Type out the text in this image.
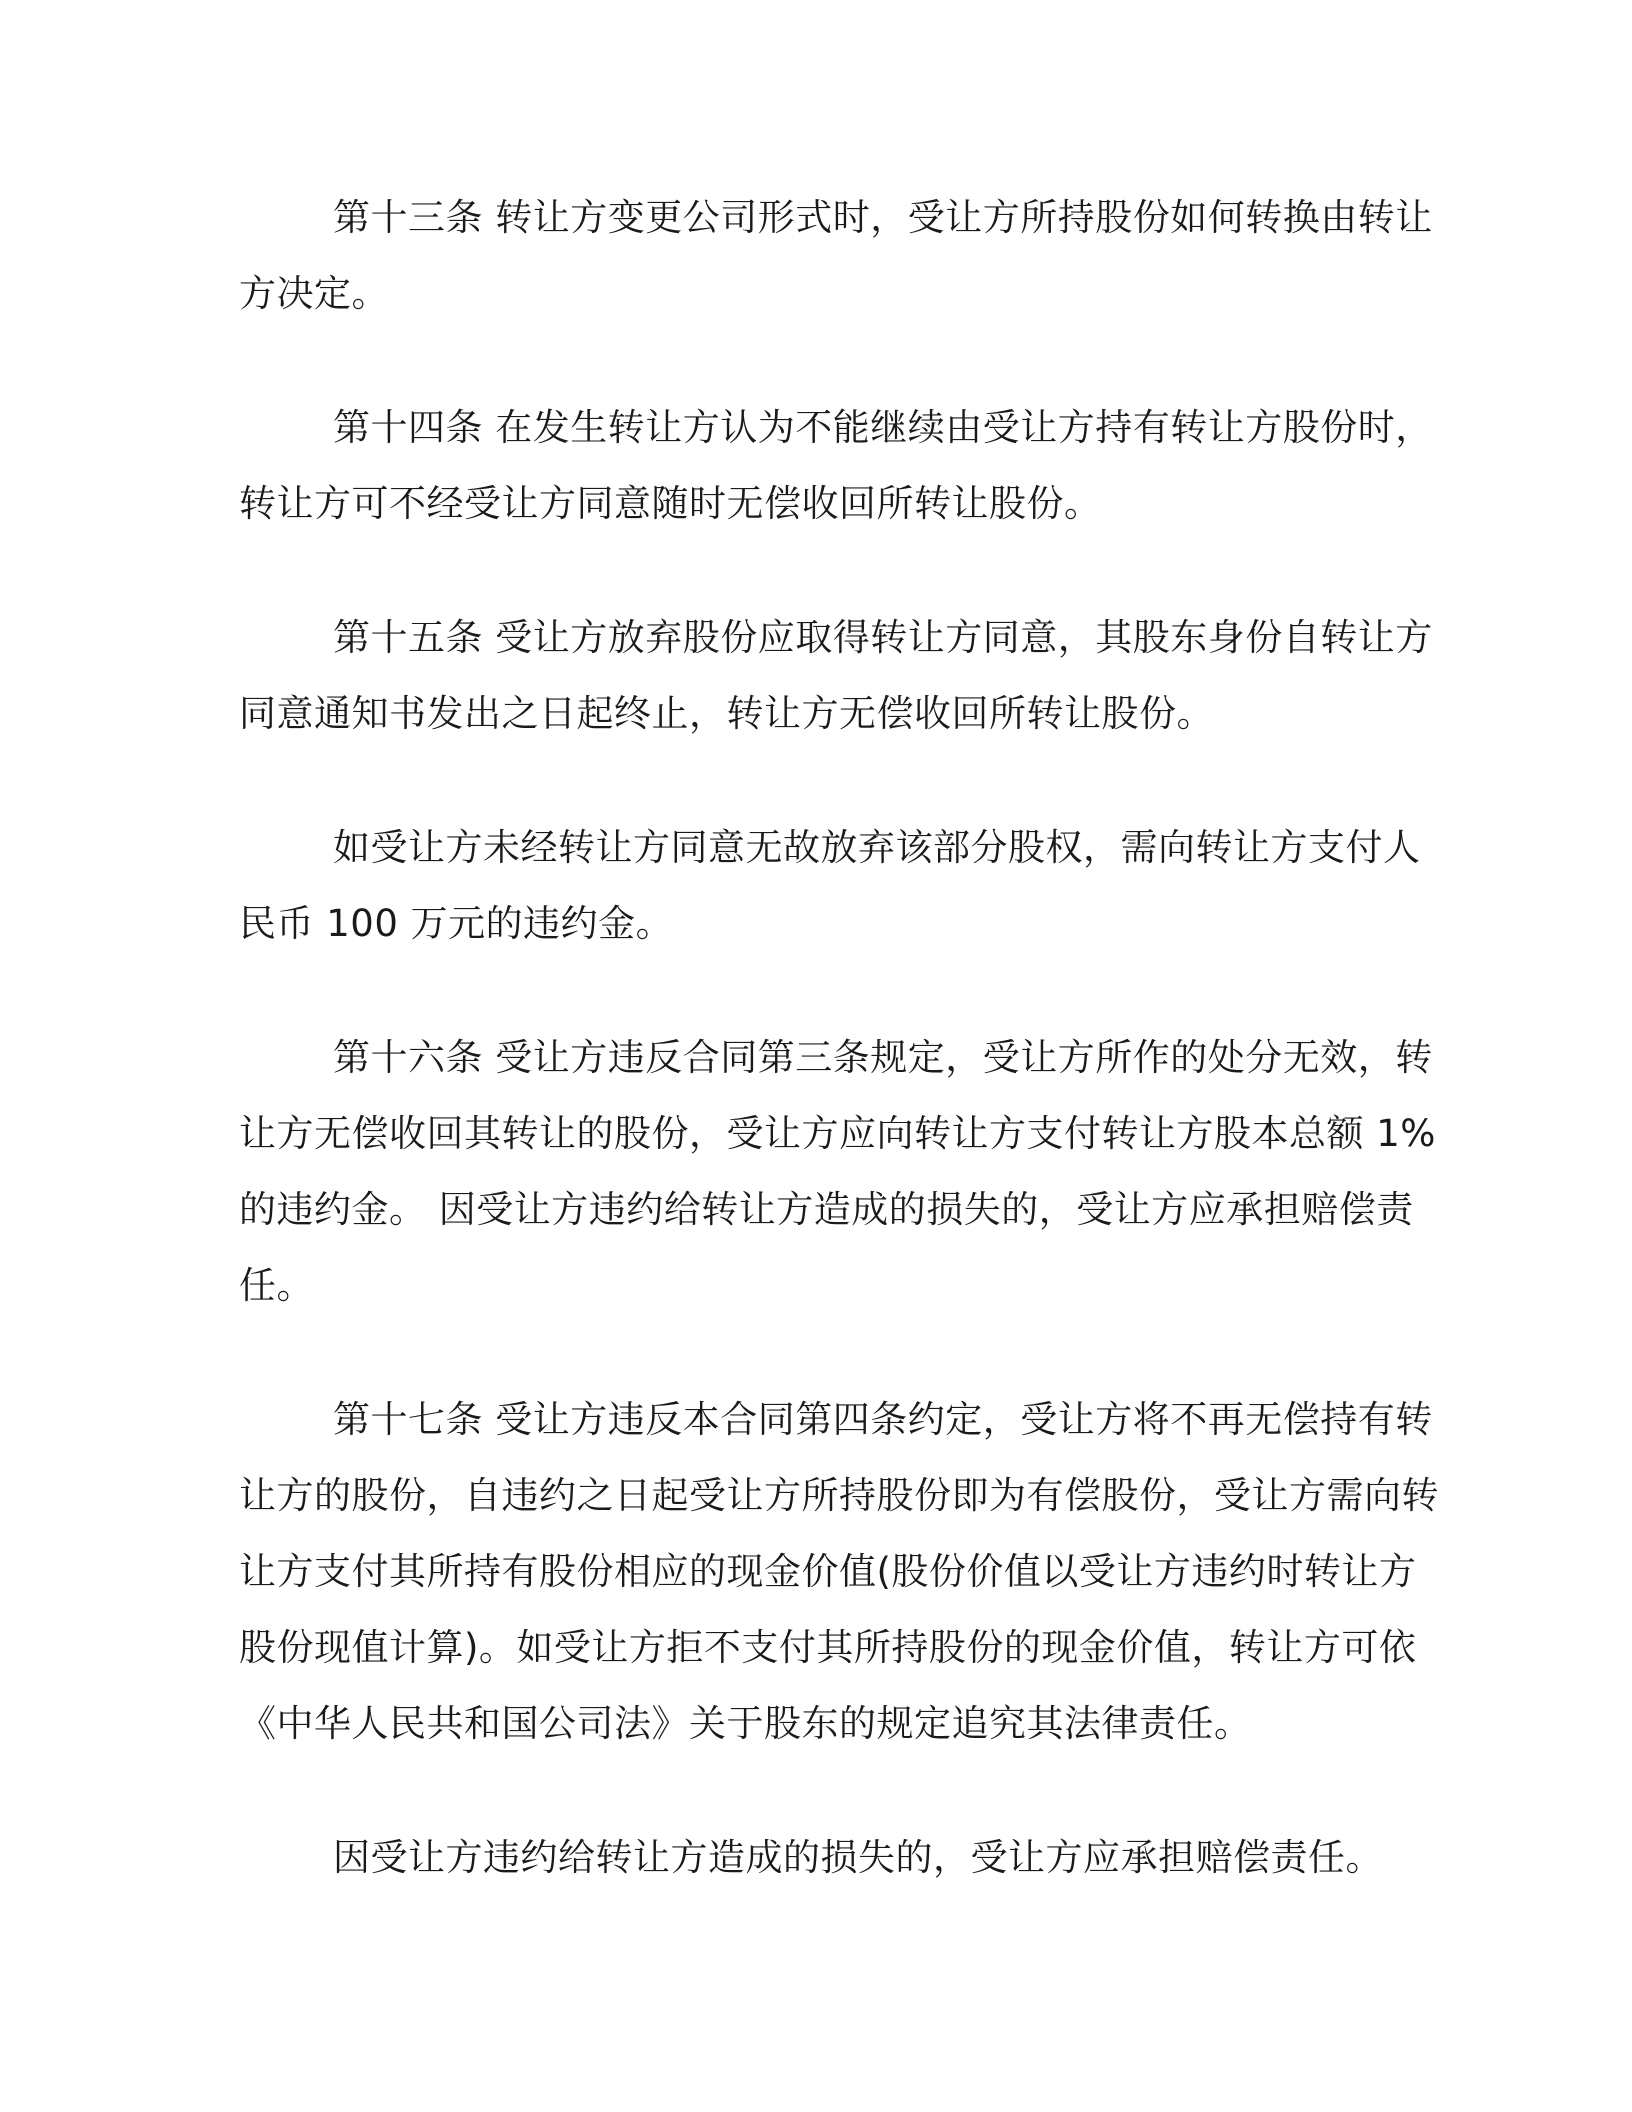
第十三条 转让方变更公司形式时，受让方所持股份如何转换由转让方决定。

第十四条 在发生转让方认为不能继续由受让方持有转让方股份时，转让方可不经受让方同意随时无偿收回所转让股份。

第十五条 受让方放弃股份应取得转让方同意，其股东身份自转让方同意通知书发出之日起终止，转让方无偿收回所转让股份。

如受让方未经转让方同意无故放弃该部分股权，需向转让方支付人民币 100 万元的违约金。

第十六条 受让方违反合同第三条规定，受让方所作的处分无效，转让方无偿收回其转让的股份，受让方应向转让方支付转让方股本总额 1%的违约金。 因受让方违约给转让方造成的损失的，受让方应承担赔偿责任。

第十七条 受让方违反本合同第四条约定，受让方将不再无偿持有转让方的股份，自违约之日起受让方所持股份即为有偿股份，受让方需向转让方支付其所持有股份相应的现金价值(股份价值以受让方违约时转让方股份现值计算)。如受让方拒不支付其所持股份的现金价值，转让方可依《中华人民共和国公司法》关于股东的规定追究其法律责任。

因受让方违约给转让方造成的损失的，受让方应承担赔偿责任。
